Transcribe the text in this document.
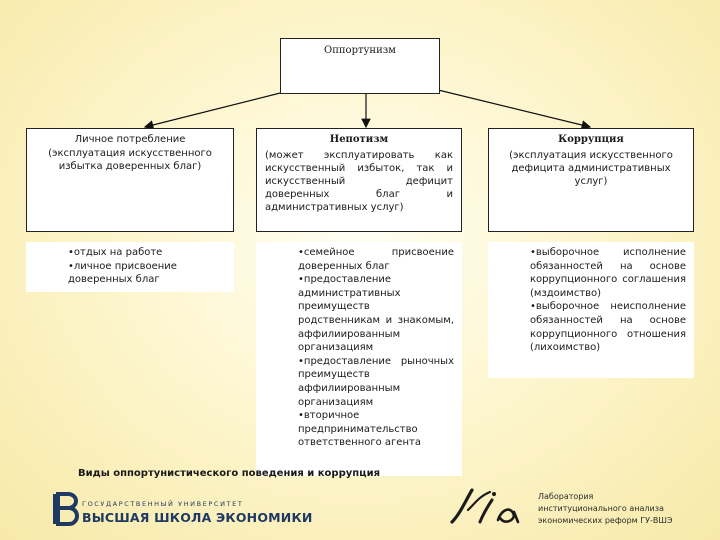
Оппортунизм
Личное потребление
(эксплуатация искусственного избытка доверенных благ)
Непотизм
(может эксплуатировать как искусственный избыток, так и искусственный дефицит доверенных благ и административных услуг)
Коррупция
(эксплуатация искусственного дефицита административных услуг)
• отдых на работе
• личное присвоение доверенных благ
• семейное присвоение доверенных благ
• предоставление административных преимуществ родственникам и знакомым, аффилиированным организациям
• предоставление рыночных преимуществ аффилиированным организациям
• вторичное предпринимательство ответственного агента
• выборочное исполнение обязанностей на основе коррупционного соглашения (мздоимство)
• выборочное неисполнение обязанностей на основе коррупционного отношения (лихоимство)
Виды оппортунистического поведения и коррупция
ГОСУДАРСТВЕННЫЙ УНИВЕРСИТЕТ
ВЫСШАЯ ШКОЛА ЭКОНОМИКИ
Лаборатория
институционального анализа
экономических реформ ГУ-ВШЭ
